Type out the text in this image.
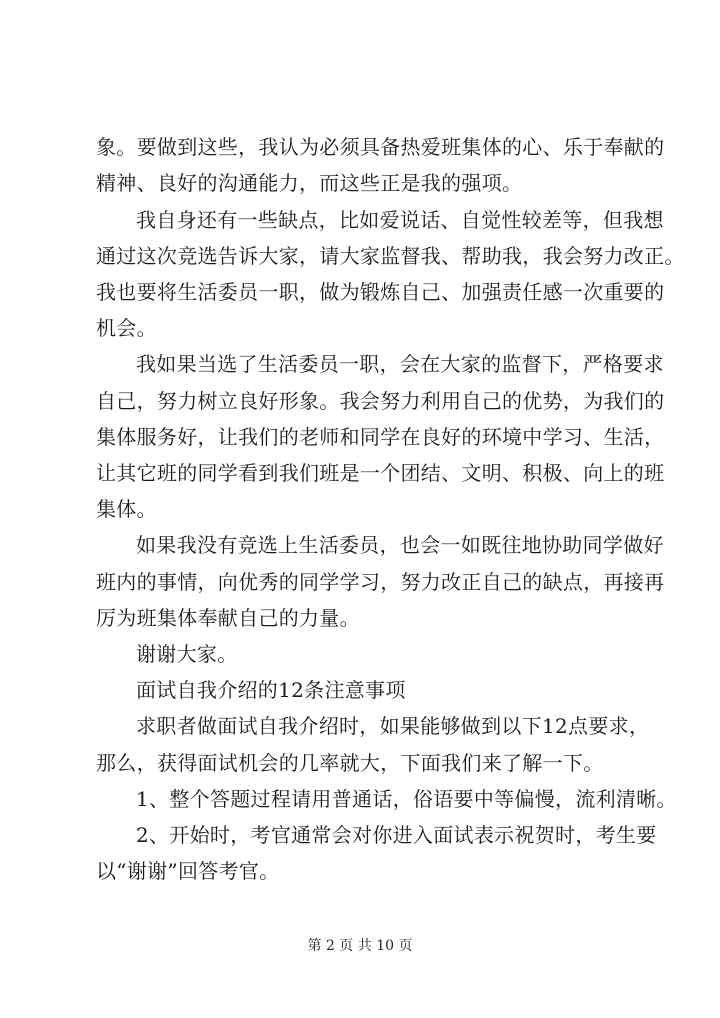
象。要做到这些，我认为必须具备热爱班集体的心、乐于奉献的
精神、良好的沟通能力，而这些正是我的强项。
我自身还有一些缺点，比如爱说话、自觉性较差等，但我想
通过这次竞选告诉大家，请大家监督我、帮助我，我会努力改正。
我也要将生活委员一职，做为锻炼自己、加强责任感一次重要的
机会。
我如果当选了生活委员一职，会在大家的监督下，严格要求
自己，努力树立良好形象。我会努力利用自己的优势，为我们的
集体服务好，让我们的老师和同学在良好的环境中学习、生活，
让其它班的同学看到我们班是一个团结、文明、积极、向上的班
集体。
如果我没有竞选上生活委员，也会一如既往地协助同学做好
班内的事情，向优秀的同学学习，努力改正自己的缺点，再接再
厉为班集体奉献自己的力量。
谢谢大家。
面试自我介绍的12条注意事项
求职者做面试自我介绍时，如果能够做到以下12点要求，
那么，获得面试机会的几率就大，下面我们来了解一下。
1、整个答题过程请用普通话，俗语要中等偏慢，流利清晰。
2、开始时，考官通常会对你进入面试表示祝贺时，考生要
以“谢谢”回答考官。
第 2 页 共 10 页
